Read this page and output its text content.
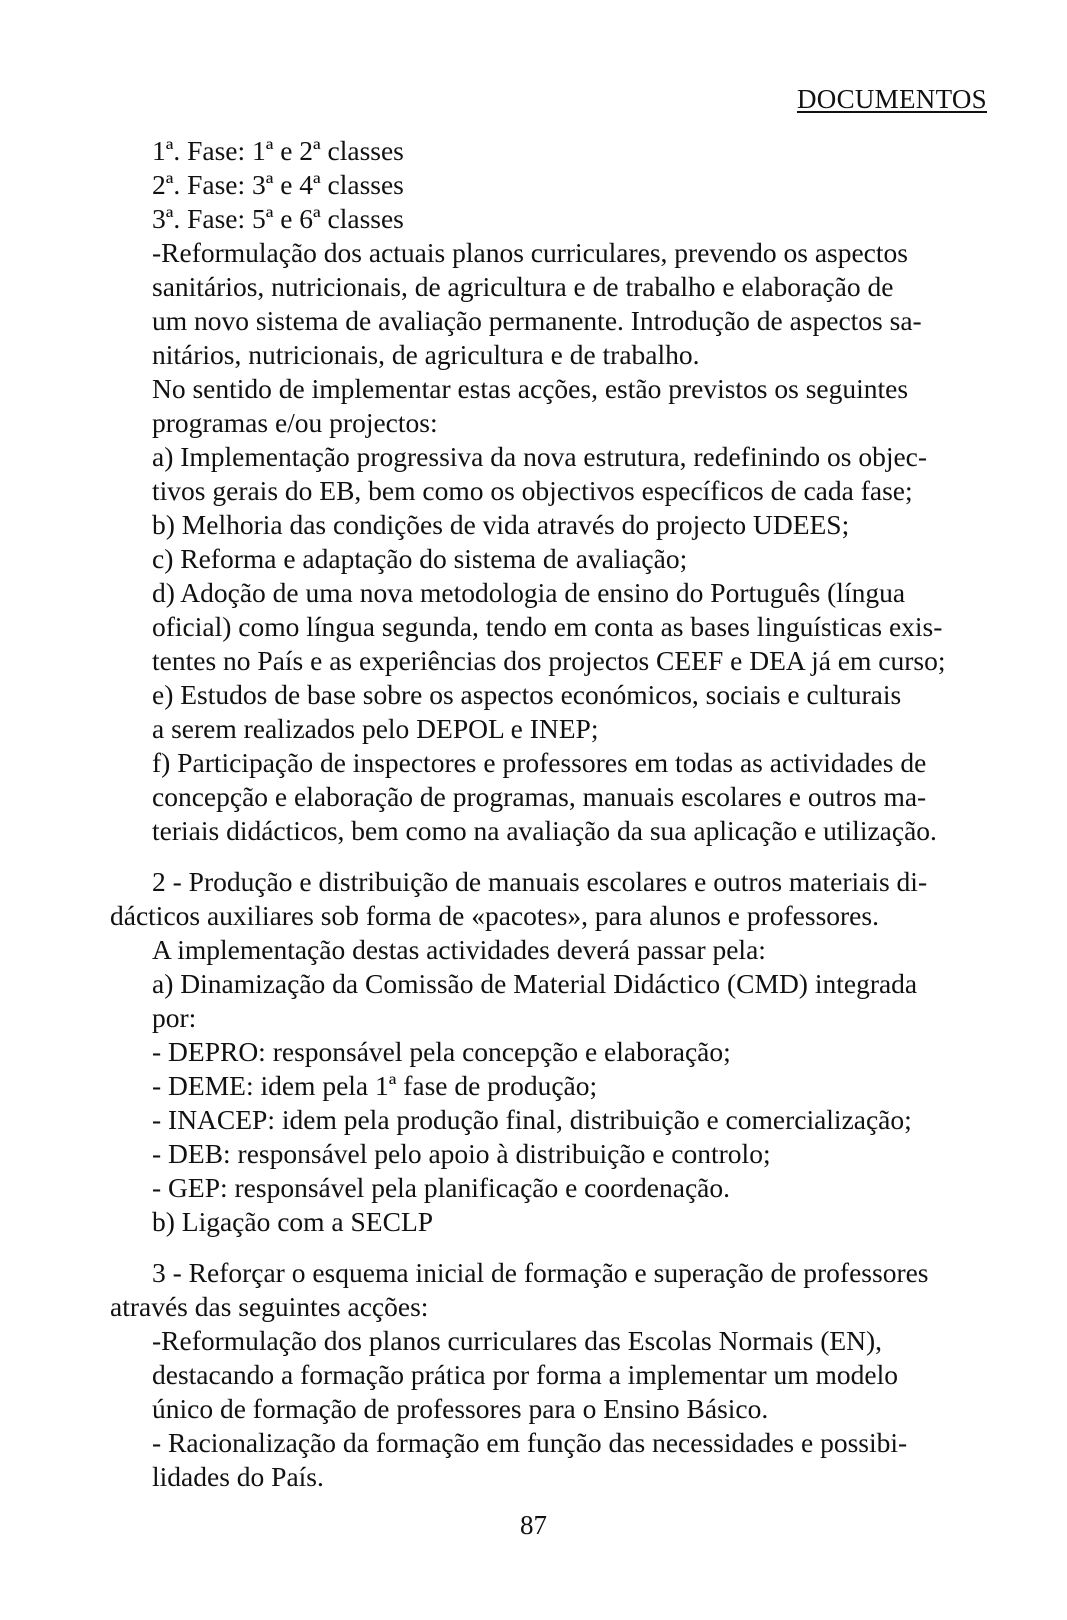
DOCUMENTOS
1ª. Fase: 1ª e 2ª classes
2ª. Fase: 3ª e 4ª classes
3ª. Fase: 5ª e 6ª classes
-Reformulação dos actuais planos curriculares, prevendo os aspectos
sanitários, nutricionais, de agricultura e de trabalho e elaboração de
um novo sistema de avaliação permanente. Introdução de aspectos sa-
nitários, nutricionais, de agricultura e de trabalho.
No sentido de implementar estas acções, estão previstos os seguintes
programas e/ou projectos:
a) Implementação progressiva da nova estrutura, redefinindo os objec-
tivos gerais do EB, bem como os objectivos específicos de cada fase;
b) Melhoria das condições de vida através do projecto UDEES;
c) Reforma e adaptação do sistema de avaliação;
d) Adoção de uma nova metodologia de ensino do Português (língua
oficial) como língua segunda, tendo em conta as bases linguísticas exis-
tentes no País e as experiências dos projectos CEEF e DEA já em curso;
e) Estudos de base sobre os aspectos económicos, sociais e culturais
a serem realizados pelo DEPOL e INEP;
f) Participação de inspectores e professores em todas as actividades de
concepção e elaboração de programas, manuais escolares e outros ma-
teriais didácticos, bem como na avaliação da sua aplicação e utilização.
2 - Produção e distribuição de manuais escolares e outros materiais di-
dácticos auxiliares sob forma de «pacotes», para alunos e professores.
A implementação destas actividades deverá passar pela:
a) Dinamização da Comissão de Material Didáctico (CMD) integrada
por:
- DEPRO: responsável pela concepção e elaboração;
- DEME: idem pela 1ª fase de produção;
- INACEP: idem pela produção final, distribuição e comercialização;
- DEB: responsável pelo apoio à distribuição e controlo;
- GEP: responsável pela planificação e coordenação.
b) Ligação com a SECLP
3 - Reforçar o esquema inicial de formação e superação de professores
através das seguintes acções:
-Reformulação dos planos curriculares das Escolas Normais (EN),
destacando a formação prática por forma a implementar um modelo
único de formação de professores para o Ensino Básico.
- Racionalização da formação em função das necessidades e possibi-
lidades do País.
87
